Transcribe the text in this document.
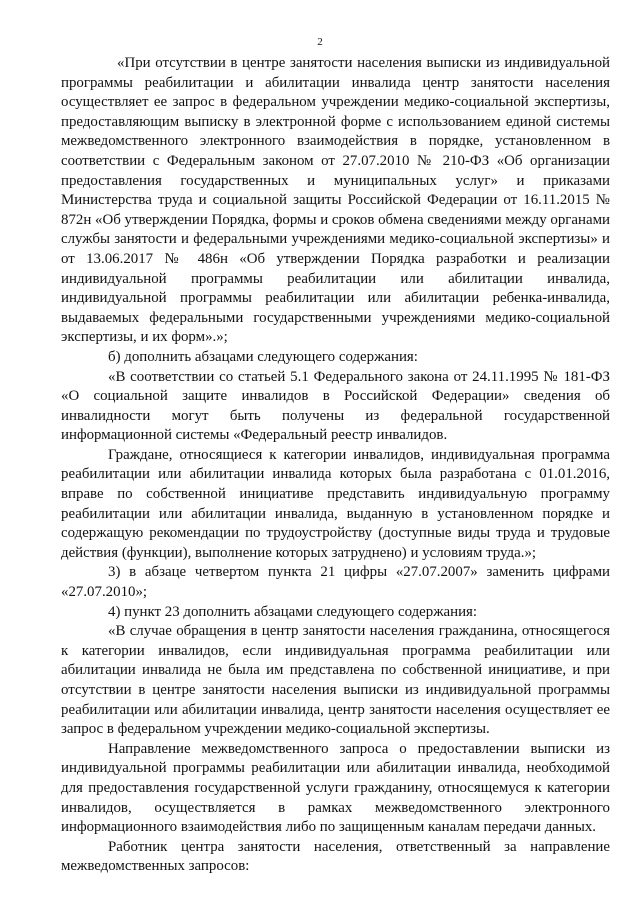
2

«При отсутствии в центре занятости населения выписки из индивидуальной программы реабилитации и абилитации инвалида центр занятости населения осуществляет ее запрос в федеральном учреждении медико-социальной экспертизы, предоставляющим выписку в электронной форме с использованием единой системы межведомственного электронного взаимодействия в порядке, установленном в соответствии с Федеральным законом от 27.07.2010 № 210-ФЗ «Об организации предоставления государственных и муниципальных услуг» и приказами Министерства труда и социальной защиты Российской Федерации от 16.11.2015 № 872н «Об утверждении Порядка, формы и сроков обмена сведениями между органами службы занятости и федеральными учреждениями медико-социальной экспертизы» и от 13.06.2017 № 486н «Об утверждении Порядка разработки и реализации индивидуальной программы реабилитации или абилитации инвалида, индивидуальной программы реабилитации или абилитации ребенка-инвалида, выдаваемых федеральными государственными учреждениями медико-социальной экспертизы, и их форм».»;

б) дополнить абзацами следующего содержания:

«В соответствии со статьей 5.1 Федерального закона от 24.11.1995 № 181-ФЗ «О социальной защите инвалидов в Российской Федерации» сведения об инвалидности могут быть получены из федеральной государственной информационной системы «Федеральный реестр инвалидов.

Граждане, относящиеся к категории инвалидов, индивидуальная программа реабилитации или абилитации инвалида которых была разработана с 01.01.2016, вправе по собственной инициативе представить индивидуальную программу реабилитации или абилитации инвалида, выданную в установленном порядке и содержащую рекомендации по трудоустройству (доступные виды труда и трудовые действия (функции), выполнение которых затруднено) и условиям труда.»;

3) в абзаце четвертом пункта 21 цифры «27.07.2007» заменить цифрами «27.07.2010»;

4) пункт 23 дополнить абзацами следующего содержания:

«В случае обращения в центр занятости населения гражданина, относящегося к категории инвалидов, если индивидуальная программа реабилитации или абилитации инвалида не была им представлена по собственной инициативе, и при отсутствии в центре занятости населения выписки из индивидуальной программы реабилитации или абилитации инвалида, центр занятости населения осуществляет ее запрос в федеральном учреждении медико-социальной экспертизы.

Направление межведомственного запроса о предоставлении выписки из индивидуальной программы реабилитации или абилитации инвалида, необходимой для предоставления государственной услуги гражданину, относящемуся к категории инвалидов, осуществляется в рамках межведомственного электронного информационного взаимодействия либо по защищенным каналам передачи данных.

Работник центра занятости населения, ответственный за направление межведомственных запросов:
